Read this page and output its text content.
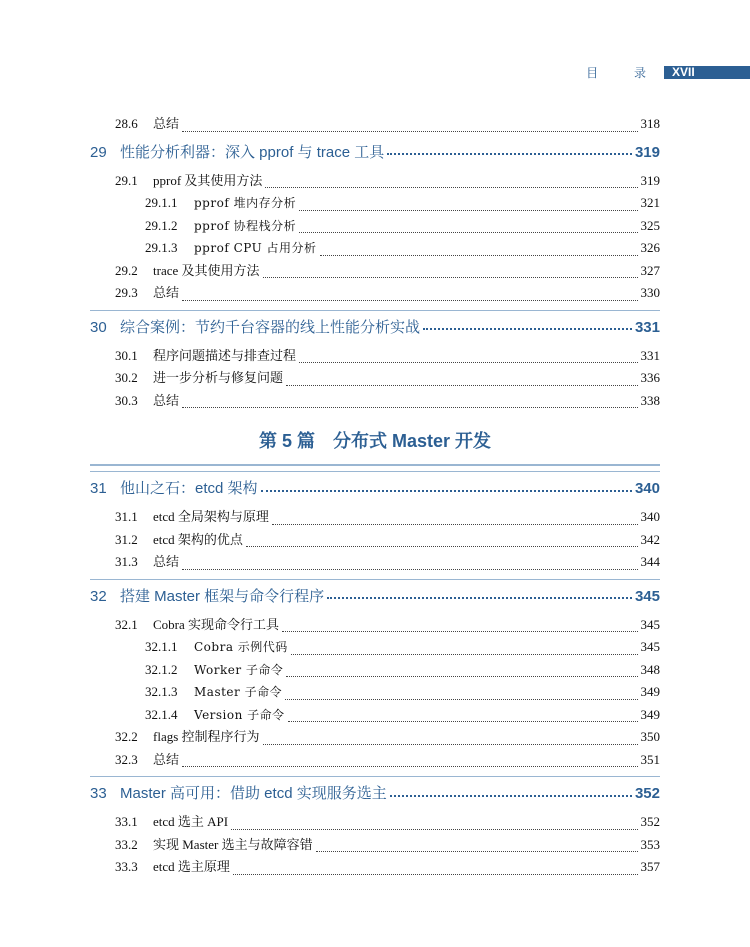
目 录 XVII
28.6	总结	318
29 性能分析利器：深入 pprof 与 trace 工具	319
29.1	pprof 及其使用方法	319
29.1.1	pprof 堆内存分析	321
29.1.2	pprof 协程栈分析	325
29.1.3	pprof CPU 占用分析	326
29.2	trace 及其使用方法	327
29.3	总结	330
30 综合案例：节约千台容器的线上性能分析实战	331
30.1	程序问题描述与排查过程	331
30.2	进一步分析与修复问题	336
30.3	总结	338
第 5 篇 分布式 Master 开发
31 他山之石：etcd 架构	340
31.1	etcd 全局架构与原理	340
31.2	etcd 架构的优点	342
31.3	总结	344
32 搭建 Master 框架与命令行程序	345
32.1	Cobra 实现命令行工具	345
32.1.1	Cobra 示例代码	345
32.1.2	Worker 子命令	348
32.1.3	Master 子命令	349
32.1.4	Version 子命令	349
32.2	flags 控制程序行为	350
32.3	总结	351
33 Master 高可用：借助 etcd 实现服务选主	352
33.1	etcd 选主 API	352
33.2	实现 Master 选主与故障容错	353
33.3	etcd 选主原理	357
